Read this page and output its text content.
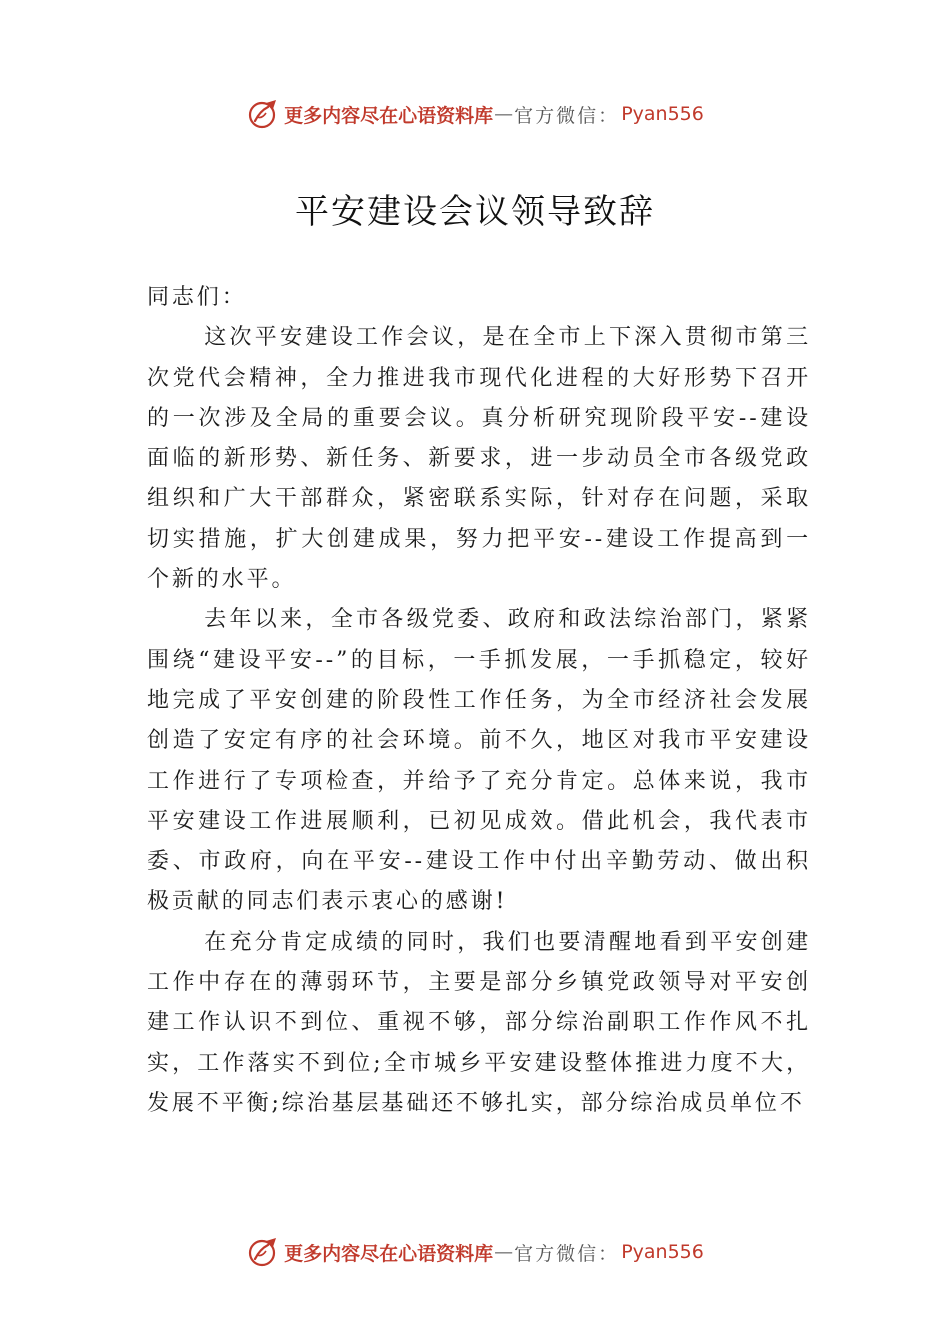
更多内容尽在心语资料库 — 官方微信： Pyan556
平安建设会议领导致辞

同志们：

这次平安建设工作会议，是在全市上下深入贯彻市第三次党代会精神，全力推进我市现代化进程的大好形势下召开的一次涉及全局的重要会议。真分析研究现阶段平安--建设面临的新形势、新任务、新要求，进一步动员全市各级党政组织和广大干部群众，紧密联系实际，针对存在问题，采取切实措施，扩大创建成果，努力把平安--建设工作提高到一个新的水平。

去年以来，全市各级党委、政府和政法综治部门，紧紧围绕“建设平安--”的目标，一手抓发展，一手抓稳定，较好地完成了平安创建的阶段性工作任务，为全市经济社会发展创造了安定有序的社会环境。前不久，地区对我市平安建设工作进行了专项检查，并给予了充分肯定。总体来说，我市平安建设工作进展顺利，已初见成效。借此机会，我代表市委、市政府，向在平安--建设工作中付出辛勤劳动、做出积极贡献的同志们表示衷心的感谢!

在充分肯定成绩的同时，我们也要清醒地看到平安创建工作中存在的薄弱环节，主要是部分乡镇党政领导对平安创建工作认识不到位、重视不够，部分综治副职工作作风不扎实，工作落实不到位;全市城乡平安建设整体推进力度不大，发展不平衡;综治基层基础还不够扎实，部分综治成员单位不

更多内容尽在心语资料库 — 官方微信： Pyan556
